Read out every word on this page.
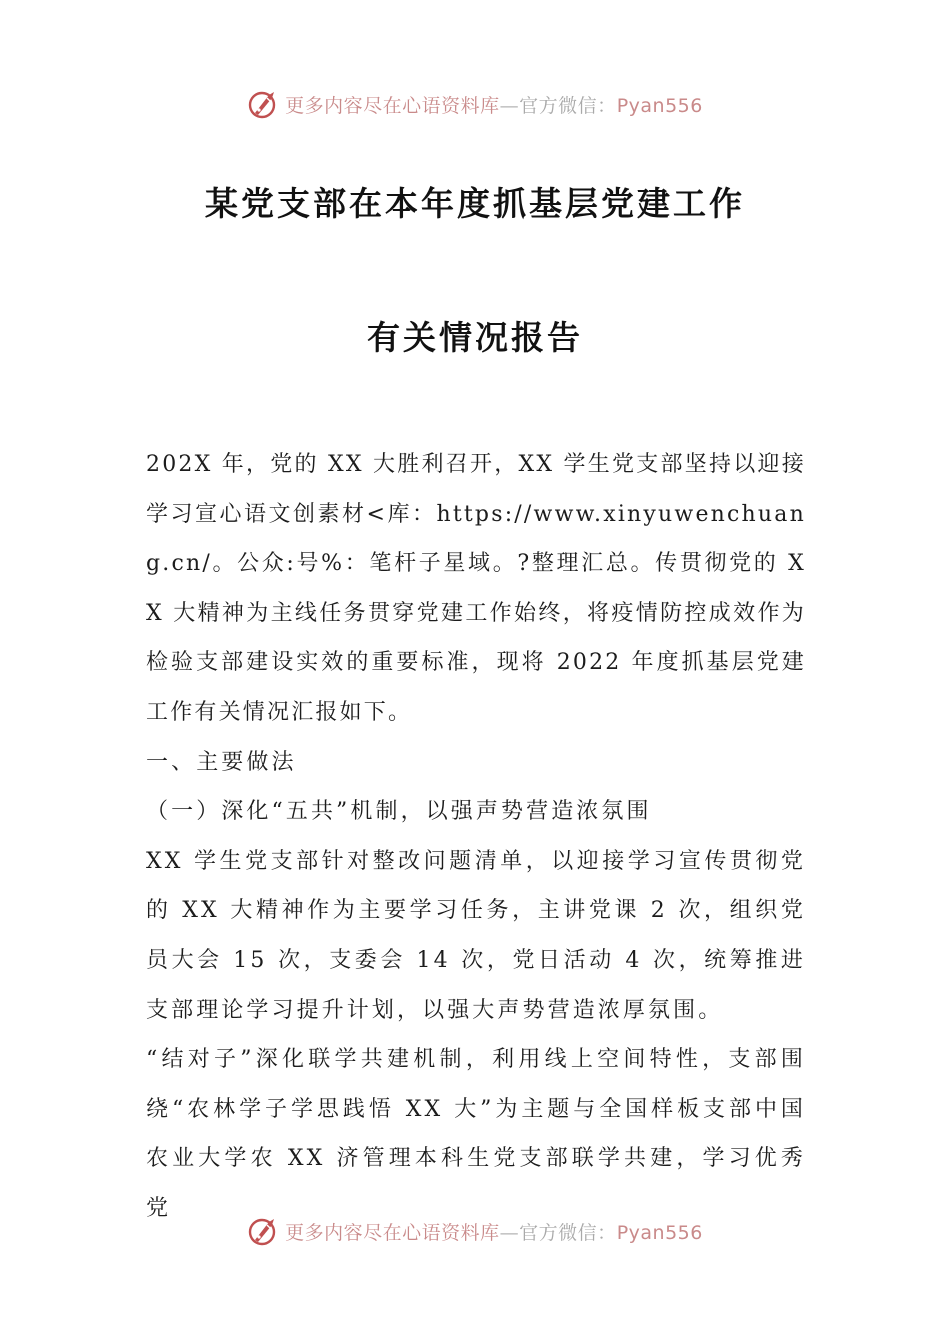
更多内容尽在心语资料库—官方微信：Pyan556
某党支部在本年度抓基层党建工作
有关情况报告

202X 年，党的 XX 大胜利召开，XX 学生党支部坚持以迎接学习宣心语文创素材<库：https://www.xinyuwenchuang.cn/。公众:号%：笔杆子星域。?整理汇总。传贯彻党的 XX 大精神为主线任务贯穿党建工作始终，将疫情防控成效作为检验支部建设实效的重要标准，现将 2022 年度抓基层党建工作有关情况汇报如下。

一、主要做法

（一）深化“五共”机制，以强声势营造浓氛围

XX 学生党支部针对整改问题清单，以迎接学习宣传贯彻党的 XX 大精神作为主要学习任务，主讲党课 2 次，组织党员大会 15 次，支委会 14 次，党日活动 4 次，统筹推进支部理论学习提升计划，以强大声势营造浓厚氛围。

“结对子”深化联学共建机制，利用线上空间特性，支部围绕“农林学子学思践悟 XX 大”为主题与全国样板支部中国农业大学农 XX 济管理本科生党支部联学共建，学习优秀党

更多内容尽在心语资料库—官方微信：Pyan556
